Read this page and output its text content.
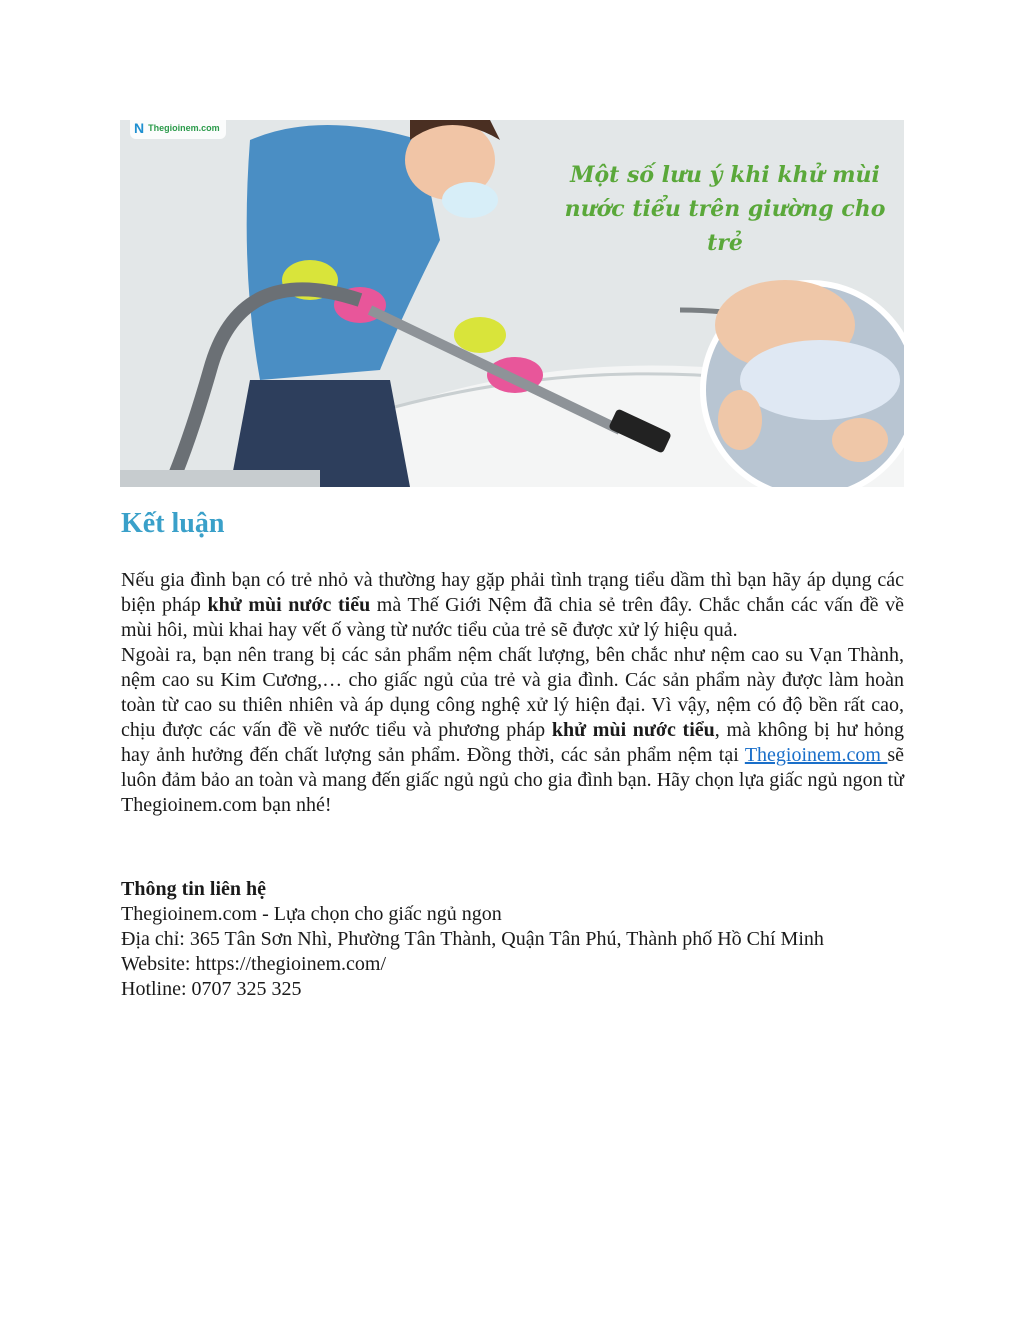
N Thegioinem.com
Một số lưu ý khi khử mùi
nước tiểu trên giường cho trẻ
Kết luận

Nếu gia đình bạn có trẻ nhỏ và thường hay gặp phải tình trạng tiểu dầm thì bạn hãy áp dụng các biện pháp khử mùi nước tiểu mà Thế Giới Nệm đã chia sẻ trên đây. Chắc chắn các vấn đề về mùi hôi, mùi khai hay vết ố vàng từ nước tiểu của trẻ sẽ được xử lý hiệu quả.

Ngoài ra, bạn nên trang bị các sản phẩm nệm chất lượng, bên chắc như nệm cao su Vạn Thành, nệm cao su Kim Cương,… cho giấc ngủ của trẻ và gia đình. Các sản phẩm này được làm hoàn toàn từ cao su thiên nhiên và áp dụng công nghệ xử lý hiện đại. Vì vậy, nệm có độ bền rất cao, chịu được các vấn đề về nước tiểu và phương pháp khử mùi nước tiểu, mà không bị hư hỏng hay ảnh hưởng đến chất lượng sản phẩm. Đồng thời, các sản phẩm nệm tại Thegioinem.com sẽ luôn đảm bảo an toàn và mang đến giấc ngủ ngủ cho gia đình bạn. Hãy chọn lựa giấc ngủ ngon từ Thegioinem.com bạn nhé!

Thông tin liên hệ
Thegioinem.com - Lựa chọn cho giấc ngủ ngon
Địa chỉ: 365 Tân Sơn Nhì, Phường Tân Thành, Quận Tân Phú, Thành phố Hồ Chí Minh
Website: https://thegioinem.com/
Hotline: 0707 325 325
